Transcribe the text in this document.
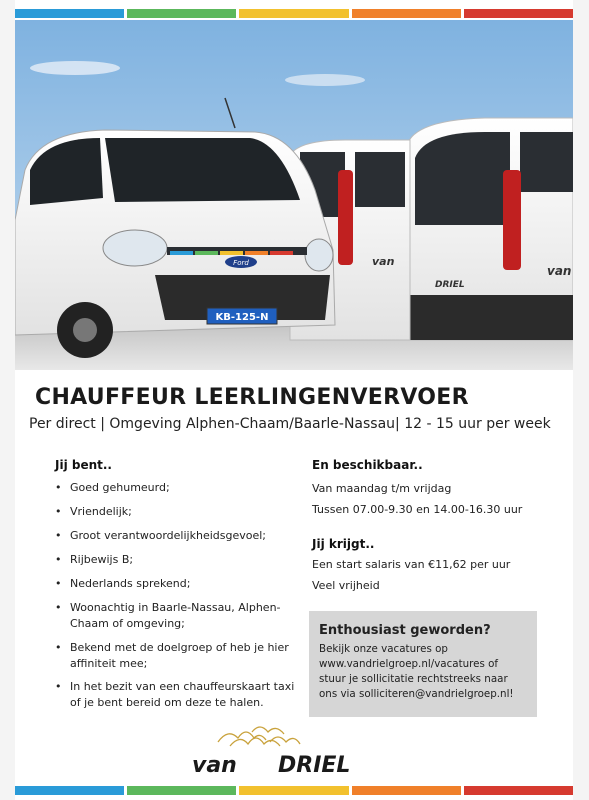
van
van
DRIEL
Ford
KB-125-N
CHAUFFEUR LEERLINGENVERVOER
Per direct | Omgeving Alphen-Chaam/Baarle-Nassau| 12 - 15 uur per week
Jij bent..
• Goed gehumeurd;
• Vriendelijk;
• Groot verantwoordelijkheidsgevoel;
• Rijbewijs B;
• Nederlands sprekend;
• Woonachtig in Baarle-Nassau, Alphen-Chaam of omgeving;
• Bekend met de doelgroep of heb je hier affiniteit mee;
• In het bezit van een chauffeurskaart taxi of je bent bereid om deze te halen.
En beschikbaar..
Van maandag t/m vrijdag
Tussen 07.00-9.30 en 14.00-16.30 uur
Jij krijgt..
Een start salaris van €11,62 per uur
Veel vrijheid
Enthousiast geworden?
Bekijk onze vacatures op www.vandrielgroep.nl/vacatures of stuur je sollicitatie rechtstreeks naar ons via solliciteren@vandrielgroep.nl!
van DRIEL
